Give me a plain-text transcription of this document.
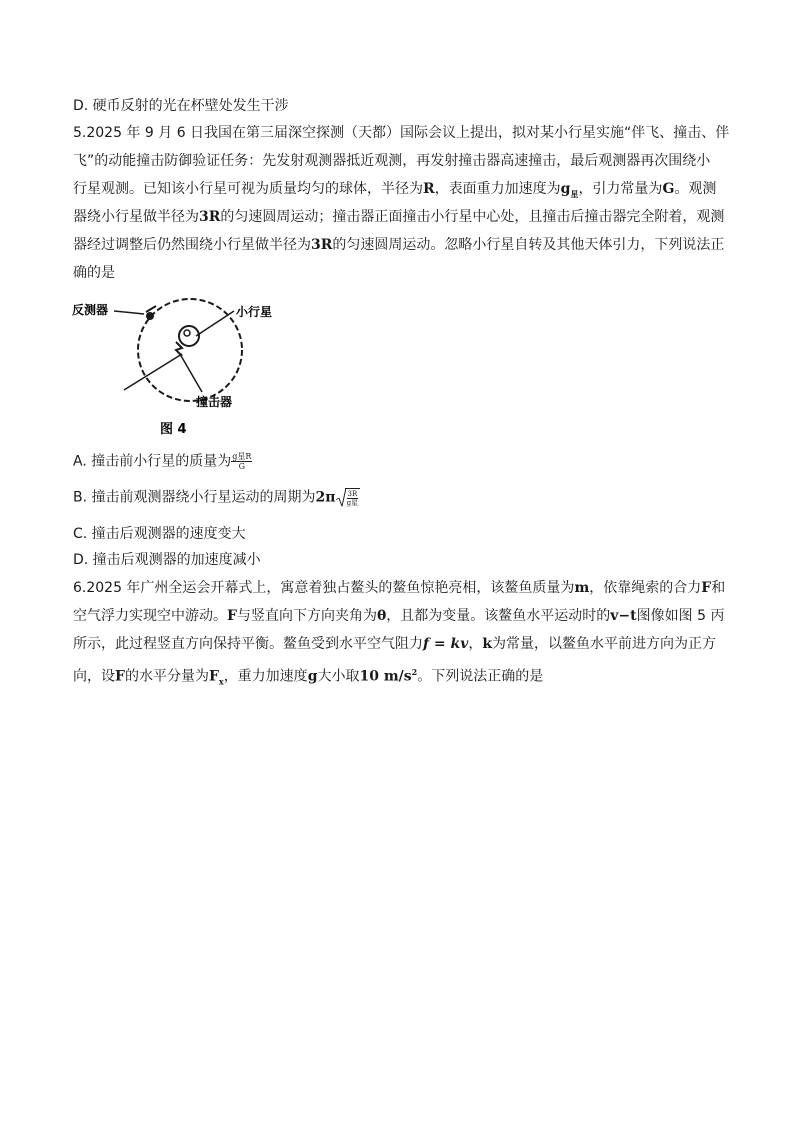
D. 硬币反射的光在杯壁处发生干涉
5.2025 年 9 月 6 日我国在第三届深空探测（天都）国际会议上提出，拟对某小行星实施“伴飞、撞击、伴
飞”的动能撞击防御验证任务：先发射观测器抵近观测，再发射撞击器高速撞击，最后观测器再次围绕小
行星观测。已知该小行星可视为质量均匀的球体，半径为R，表面重力加速度为$g_星$，引力常量为G。观测
器绕小行星做半径为3R的匀速圆周运动；撞击器正面撞击小行星中心处，且撞击后撞击器完全附着，观测
器经过调整后仍然围绕小行星做半径为3R的匀速圆周运动。忽略小行星自转及其他天体引力，下列说法正
确的是
反测器	小行星
撞击器
图 4
A. 撞击前小行星的质量为 $\frac{\text{g星R}}{G}$
B. 撞击前观测器绕小行星运动的周期为$2\pi \frac{3R}{\text{g星}}$
C. 撞击后观测器的速度变大
D. 撞击后观测器的加速度减小
6.2025 年广州全运会开幕式上，寓意着独占鳌头的鳌鱼惊艳亮相，该鳌鱼质量为m，依靠绳索的合力F和
空气浮力实现空中游动。F与竖直向下方向夹角为θ，且都为变量。该鳌鱼水平运动时的v−t图像如图 5 丙
所示，此过程竖直方向保持平衡。鳌鱼受到水平空气阻力f = kv，k为常量，以鳌鱼水平前进方向为正方
向，设F的水平分量为$F_x$，重力加速度g大小取10 $m/s^2$。下列说法正确的是
